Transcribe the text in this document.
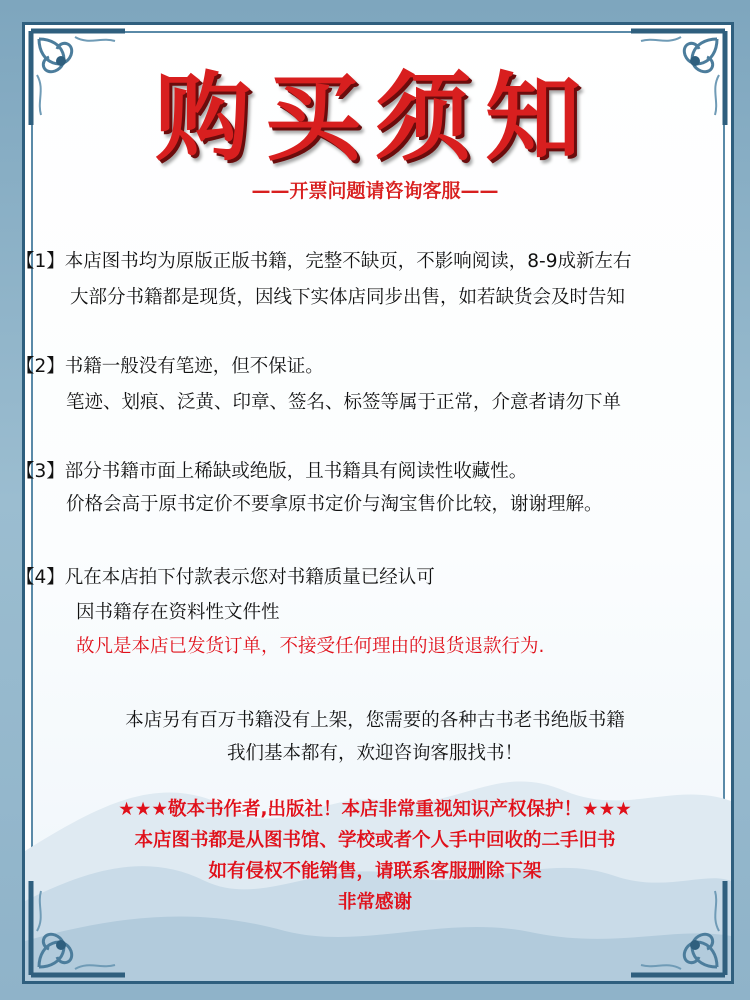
购买须知
——开票问题请咨询客服——
【1】本店图书均为原版正版书籍，完整不缺页，不影响阅读，8-9成新左右
大部分书籍都是现货，因线下实体店同步出售，如若缺货会及时告知
【2】书籍一般没有笔迹，但不保证。
笔迹、划痕、泛黄、印章、签名、标签等属于正常，介意者请勿下单
【3】部分书籍市面上稀缺或绝版，且书籍具有阅读性收藏性。
价格会高于原书定价不要拿原书定价与淘宝售价比较，谢谢理解。
【4】凡在本店拍下付款表示您对书籍质量已经认可
因书籍存在资料性文件性
故凡是本店已发货订单，不接受任何理由的退货退款行为.
本店另有百万书籍没有上架，您需要的各种古书老书绝版书籍
我们基本都有，欢迎咨询客服找书！
★★★敬本书作者,出版社！本店非常重视知识产权保护！★★★
本店图书都是从图书馆、学校或者个人手中回收的二手旧书
如有侵权不能销售，请联系客服删除下架
非常感谢
